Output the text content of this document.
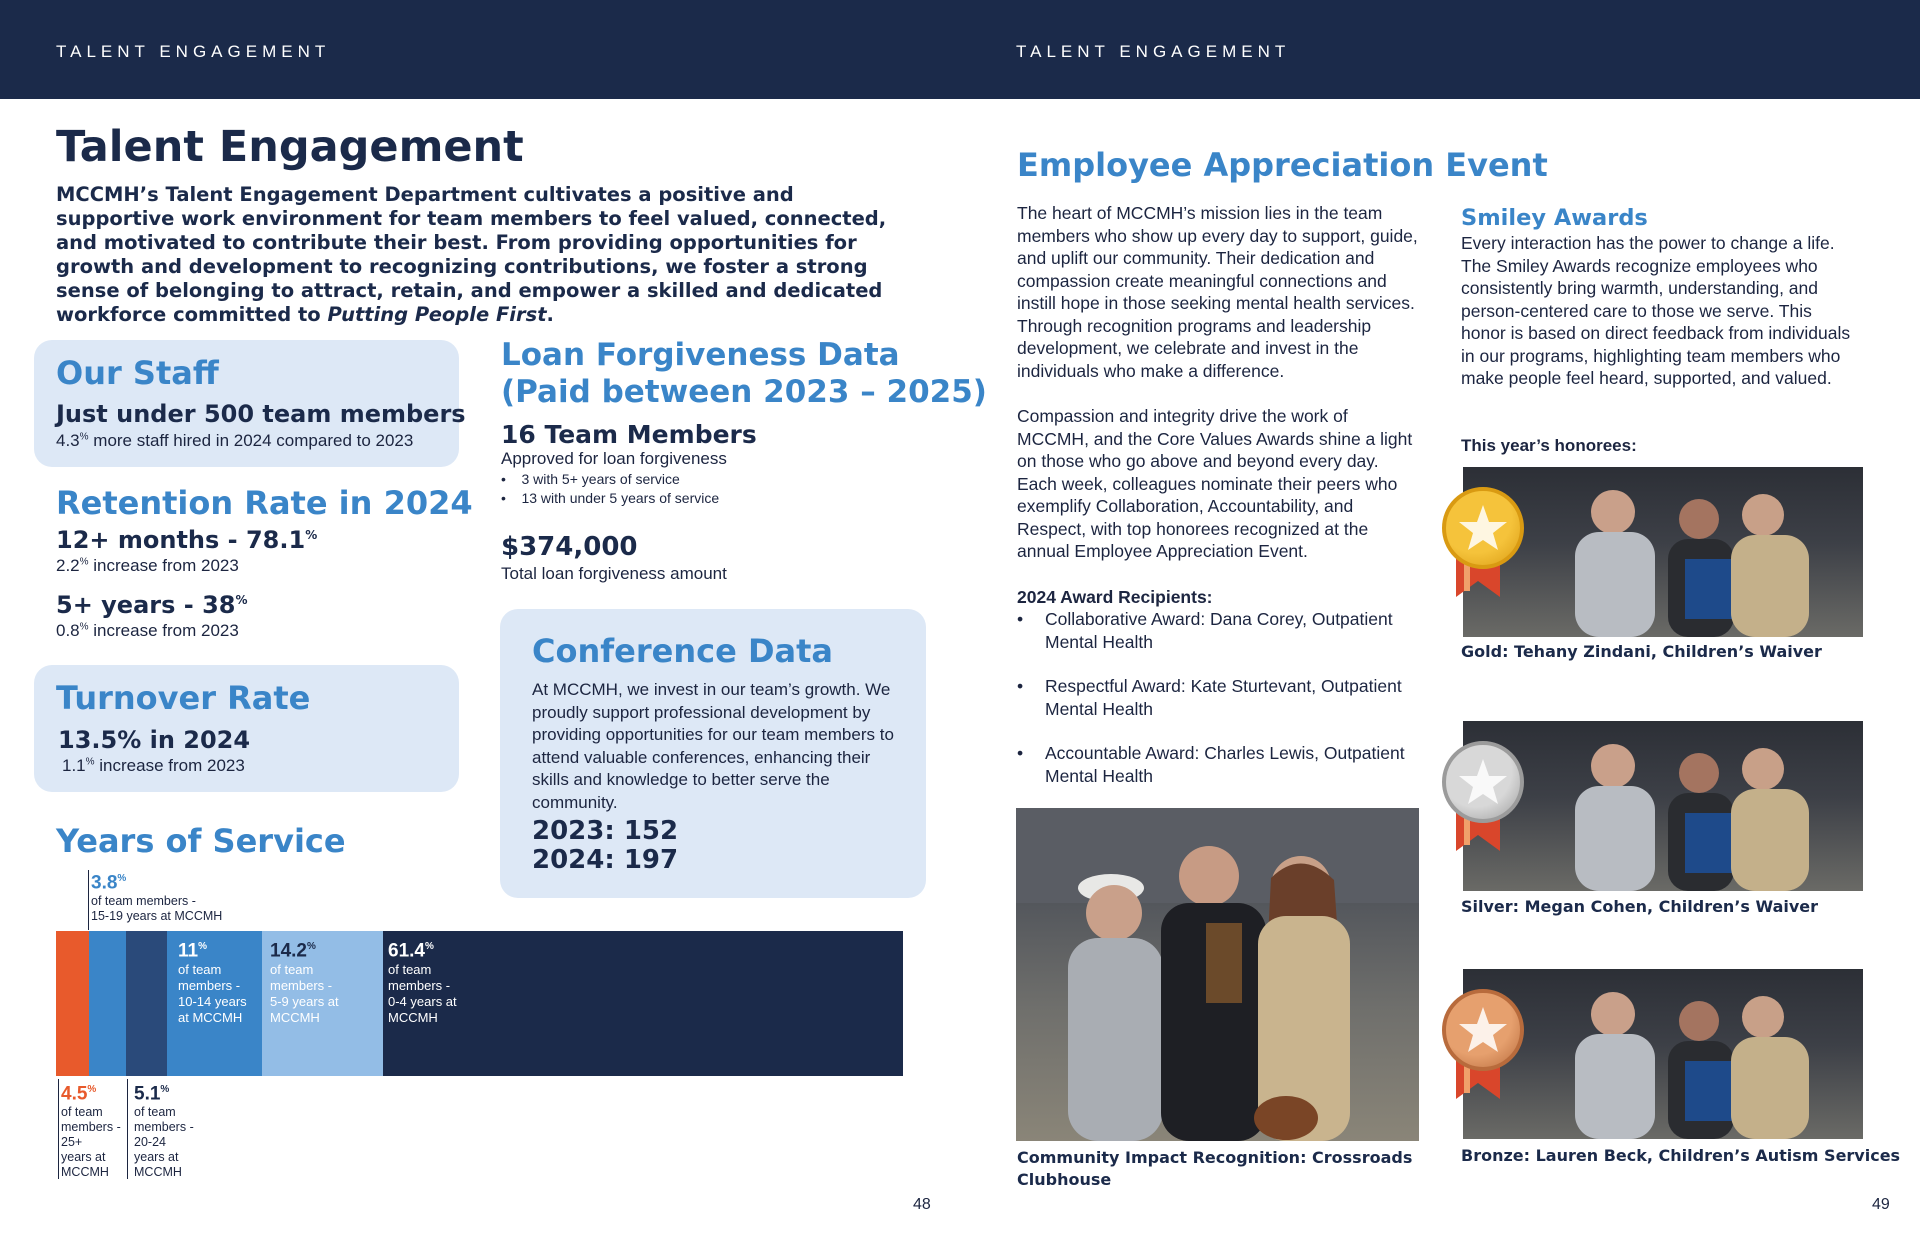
TALENT ENGAGEMENT	TALENT ENGAGEMENT
Talent Engagement
MCCMH’s Talent Engagement Department cultivates a positive and supportive work environment for team members to feel valued, connected, and motivated to contribute their best. From providing opportunities for growth and development to recognizing contributions, we foster a strong sense of belonging to attract, retain, and empower a skilled and dedicated workforce committed to Putting People First.
Our Staff
Just under 500 team members
4.3% more staff hired in 2024 compared to 2023
Retention Rate in 2024
12+ months - 78.1%
2.2% increase from 2023
5+ years - 38%
0.8% increase from 2023
Turnover Rate
13.5% in 2024
1.1% increase from 2023
Loan Forgiveness Data
(Paid between 2023 – 2025)
16 Team Members
Approved for loan forgiveness
•    3 with 5+ years of service
•    13 with under 5 years of service
$374,000
Total loan forgiveness amount
Conference Data
At MCCMH, we invest in our team’s growth. We proudly support professional development by providing opportunities for our team members to attend valuable conferences, enhancing their skills and knowledge to better serve the community.
2023: 152
2024: 197
Years of Service
11%
of team
members -
10-14 years
at MCCMH
14.2%
of team
members -
5-9 years at
MCCMH
61.4%
of team
members -
0-4 years at
MCCMH
3.8%
of team members -
15-19 years at MCCMH
4.5%
of team
members -
25+
years at
MCCMH
5.1%
of team
members -
20-24
years at
MCCMH
48
Employee Appreciation Event
The heart of MCCMH’s mission lies in the team members who show up every day to support, guide, and uplift our community. Their dedication and compassion create meaningful connections and instill hope in those seeking mental health services. Through recognition programs and leadership development, we celebrate and invest in the individuals who make a difference.
Compassion and integrity drive the work of MCCMH, and the Core Values Awards shine a light on those who go above and beyond every day. Each week, colleagues nominate their peers who exemplify Collaboration, Accountability, and Respect, with top honorees recognized at the annual Employee Appreciation Event.
2024 Award Recipients:
•	Collaborative Award: Dana Corey, Outpatient Mental Health
•	Respectful Award: Kate Sturtevant, Outpatient Mental Health
•	Accountable Award: Charles Lewis, Outpatient Mental Health
Community Impact Recognition: Crossroads Clubhouse
Smiley Awards
Every interaction has the power to change a life. The Smiley Awards recognize employees who consistently bring warmth, understanding, and person-centered care to those we serve. This honor is based on direct feedback from individuals in our programs, highlighting team members who make people feel heard, supported, and valued.
This year’s honorees:
Gold: Tehany Zindani, Children’s Waiver
Silver: Megan Cohen, Children’s Waiver
Bronze: Lauren Beck, Children’s Autism Services
49
